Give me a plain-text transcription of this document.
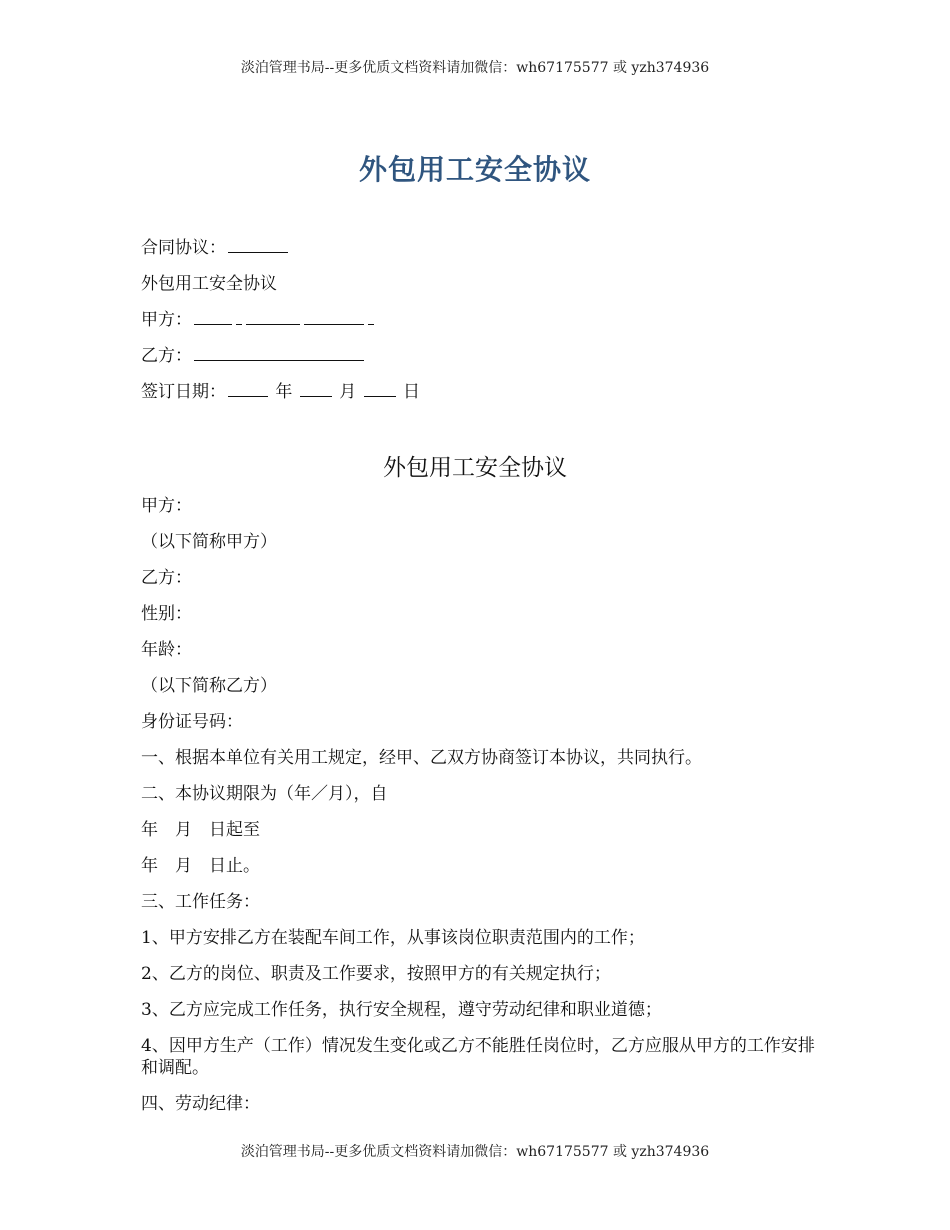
淡泊管理书局--更多优质文档资料请加微信：wh67175577 或 yzh374936
外包用工安全协议
合同协议：
外包用工安全协议
甲方：
乙方：
签订日期：	年	月	日
外包用工安全协议

甲方：

（以下简称甲方）

乙方：

性别：

年龄：

（以下简称乙方）

身份证号码：

一、根据本单位有关用工规定，经甲、乙双方协商签订本协议，共同执行。

二、本协议期限为（年／月），自

年　月　日起至

年　月　日止。

三、工作任务：

1、甲方安排乙方在装配车间工作，从事该岗位职责范围内的工作；

2、乙方的岗位、职责及工作要求，按照甲方的有关规定执行；

3、乙方应完成工作任务，执行安全规程，遵守劳动纪律和职业道德；

4、因甲方生产（工作）情况发生变化或乙方不能胜任岗位时，乙方应服从甲方的工作安排和调配。

四、劳动纪律：

淡泊管理书局--更多优质文档资料请加微信：wh67175577 或 yzh374936
